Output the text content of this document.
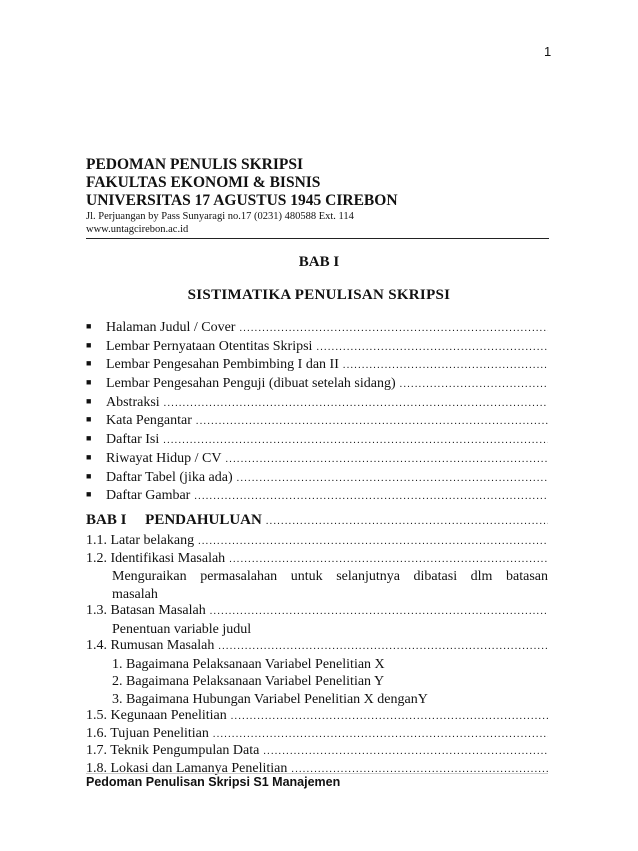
1
PEDOMAN PENULIS SKRIPSI
FAKULTAS EKONOMI & BISNIS
UNIVERSITAS 17 AGUSTUS 1945 CIREBON
Jl. Perjuangan by Pass Sunyaragi no.17 (0231) 480588 Ext. 114
www.untagcirebon.ac.id
BAB I
SISTIMATIKA PENULISAN SKRIPSI
■	Halaman Judul / Cover
.....
■	Lembar Pernyataan Otentitas Skripsi
.....
■	Lembar Pengesahan Pembimbing I dan II
.....
■	Lembar Pengesahan Penguji (dibuat setelah sidang)
.....
■	Abstraksi
.....
■	Kata Pengantar
.....
■	Daftar Isi
.....
■	Riwayat Hidup / CV
.....
■	Daftar Tabel (jika ada)
.....
■	Daftar Gambar
.....
BAB I     PENDAHULUAN
.....
1.1. Latar belakang
.....
1.2. Identifikasi Masalah
.....
Menguraikan permasalahan untuk selanjutnya dibatasi dlm batasan
masalah
1.3. Batasan Masalah
.....
Penentuan variable judul
1.4. Rumusan Masalah
.....
1. Bagaimana Pelaksanaan Variabel Penelitian X
2. Bagaimana Pelaksanaan Variabel Penelitian Y
3. Bagaimana Hubungan Variabel Penelitian X denganY
1.5. Kegunaan Penelitian
.....
1.6. Tujuan Penelitian
.....
1.7. Teknik Pengumpulan Data
.....
1.8. Lokasi dan Lamanya Penelitian
.....
Pedoman Penulisan Skripsi S1 Manajemen
